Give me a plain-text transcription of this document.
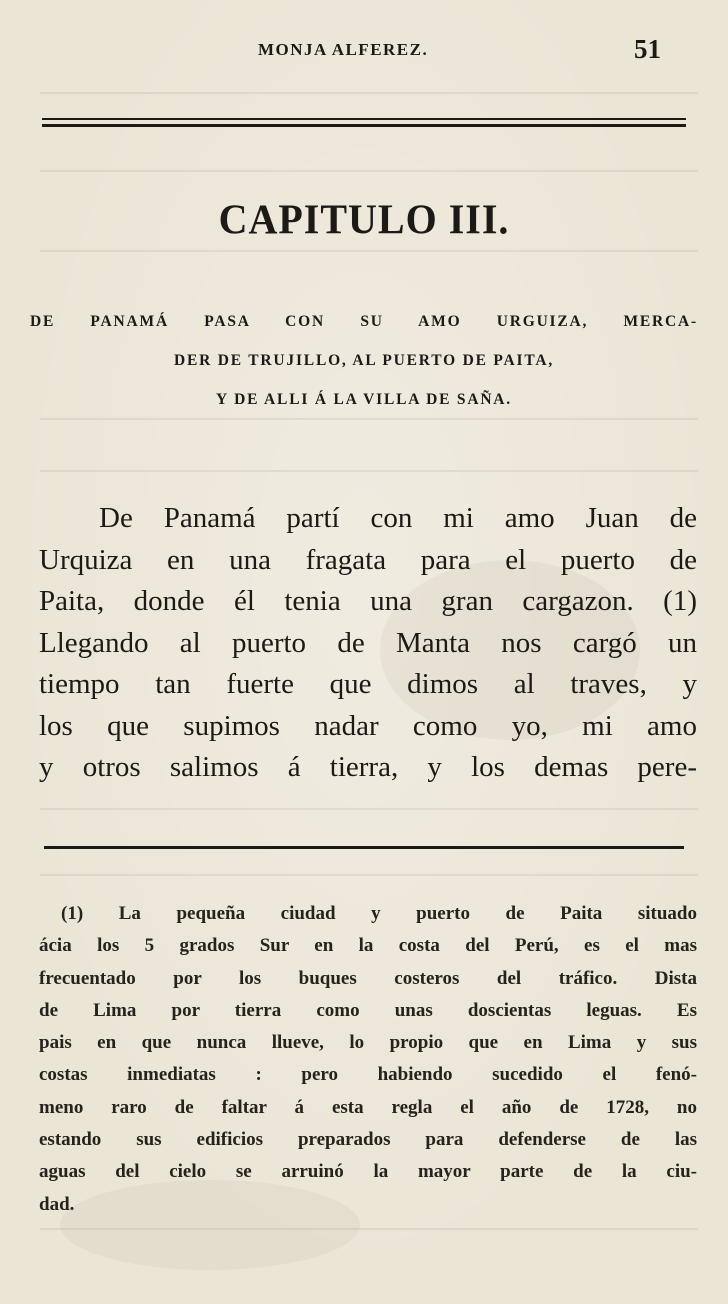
MONJA ALFEREZ.	51
CAPITULO III.
DE PANAMÁ PASA CON SU AMO URGUIZA, MERCA-
DER DE TRUJILLO, AL PUERTO DE PAITA,
Y DE ALLI Á LA VILLA DE SAÑA.
De Panamá partí con mi amo Juan de
Urquiza en una fragata para el puerto de
Paita, donde él tenia una gran cargazon. (1)
Llegando al puerto de Manta nos cargó un
tiempo tan fuerte que dimos al traves, y
los que supimos nadar como yo, mi amo
y otros salimos á tierra, y los demas pere-
(1) La pequeña ciudad y puerto de Paita situado
ácia los 5 grados Sur en la costa del Perú, es el mas
frecuentado por los buques costeros del tráfico. Dista
de Lima por tierra como unas doscientas leguas. Es
pais en que nunca llueve, lo propio que en Lima y sus
costas inmediatas : pero habiendo sucedido el fenó-
meno raro de faltar á esta regla el año de 1728, no
estando sus edificios preparados para defenderse de las
aguas del cielo se arruinó la mayor parte de la ciu-
dad.
